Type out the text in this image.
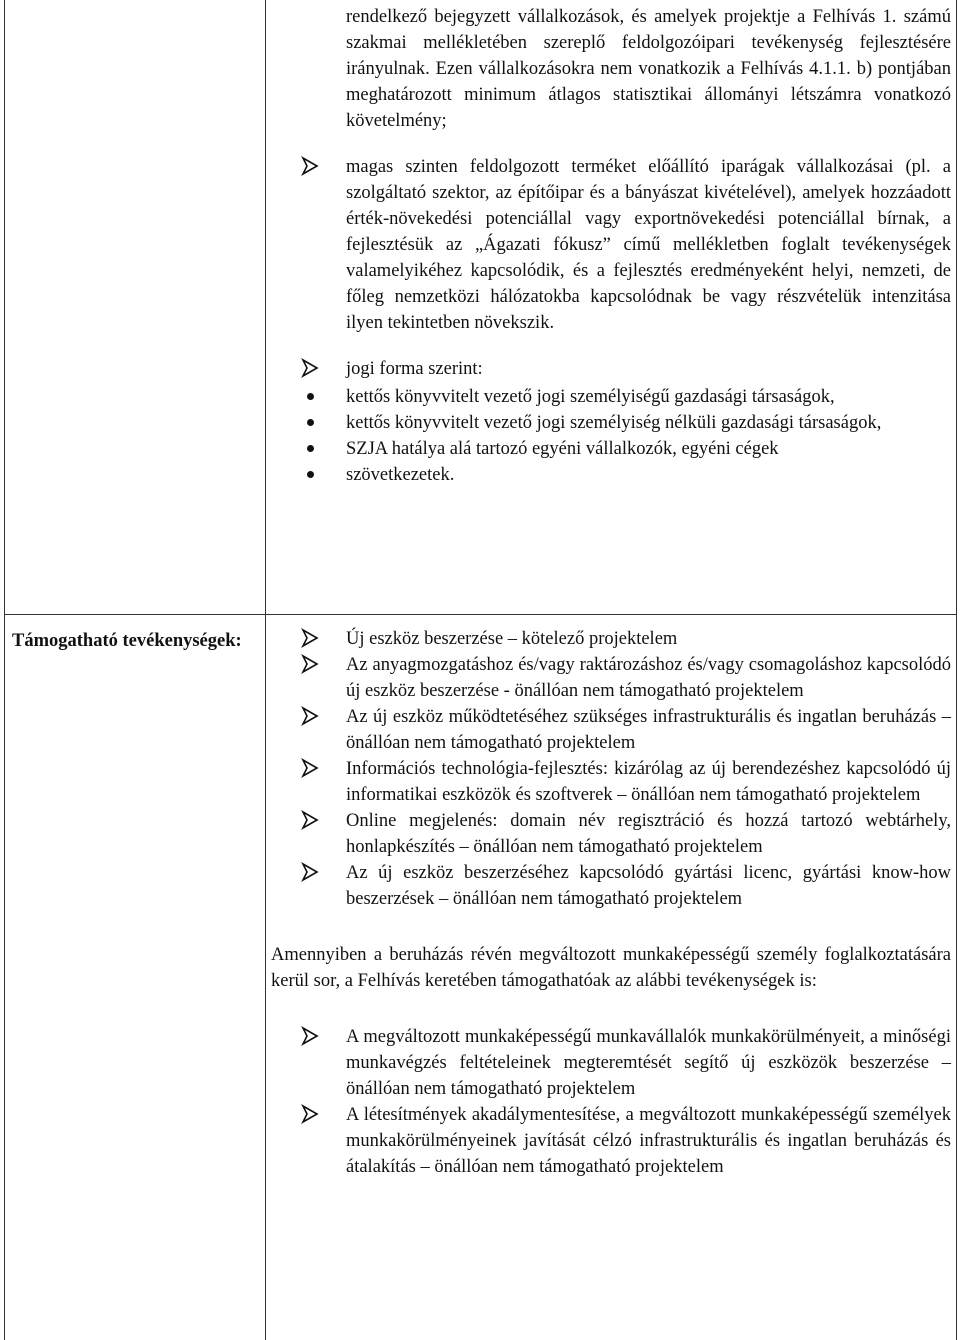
rendelkező bejegyzett vállalkozások, és amelyek projektje a Felhívás 1. számú szakmai mellékletében szereplő feldolgozóipari tevékenység fejlesztésére irányulnak. Ezen vállalkozásokra nem vonatkozik a Felhívás 4.1.1. b) pontjában meghatározott minimum átlagos statisztikai állományi létszámra vonatkozó követelmény;

magas szinten feldolgozott terméket előállító iparágak vállalkozásai (pl. a szolgáltató szektor, az építőipar és a bányászat kivételével), amelyek hozzáadott érték-növekedési potenciállal vagy exportnövekedési potenciállal bírnak, a fejlesztésük az „Ágazati fókusz” című mellékletben foglalt tevékenységek valamelyikéhez kapcsolódik, és a fejlesztés eredményeként helyi, nemzeti, de főleg nemzetközi hálózatokba kapcsolódnak be vagy részvételük intenzitása ilyen tekintetben növekszik.

jogi forma szerint:

kettős könyvvitelt vezető jogi személyiségű gazdasági társaságok,

kettős könyvvitelt vezető jogi személyiség nélküli gazdasági társaságok,

SZJA hatálya alá tartozó egyéni vállalkozók, egyéni cégek

szövetkezetek.

Támogatható tevékenységek:	Új eszköz beszerzése – kötelező projektelem

Az anyagmozgatáshoz és/vagy raktározáshoz és/vagy csomagoláshoz kapcsolódó új eszköz beszerzése - önállóan nem támogatható projektelem

Az új eszköz működtetéséhez szükséges infrastrukturális és ingatlan beruházás – önállóan nem támogatható projektelem

Információs technológia-fejlesztés: kizárólag az új berendezéshez kapcsolódó új informatikai eszközök és szoftverek – önállóan nem támogatható projektelem

Online megjelenés: domain név regisztráció és hozzá tartozó webtárhely, honlapkészítés – önállóan nem támogatható projektelem

Az új eszköz beszerzéséhez kapcsolódó gyártási licenc, gyártási know-how beszerzések – önállóan nem támogatható projektelem

Amennyiben a beruházás révén megváltozott munkaképességű személy foglalkoztatására kerül sor, a Felhívás keretében támogathatóak az alábbi tevékenységek is:

A megváltozott munkaképességű munkavállalók munkakörülményeit, a minőségi munkavégzés feltételeinek megteremtését segítő új eszközök beszerzése – önállóan nem támogatható projektelem

A létesítmények akadálymentesítése, a megváltozott munkaképességű személyek munkakörülményeinek javítását célzó infrastrukturális és ingatlan beruházás és átalakítás – önállóan nem támogatható projektelem
